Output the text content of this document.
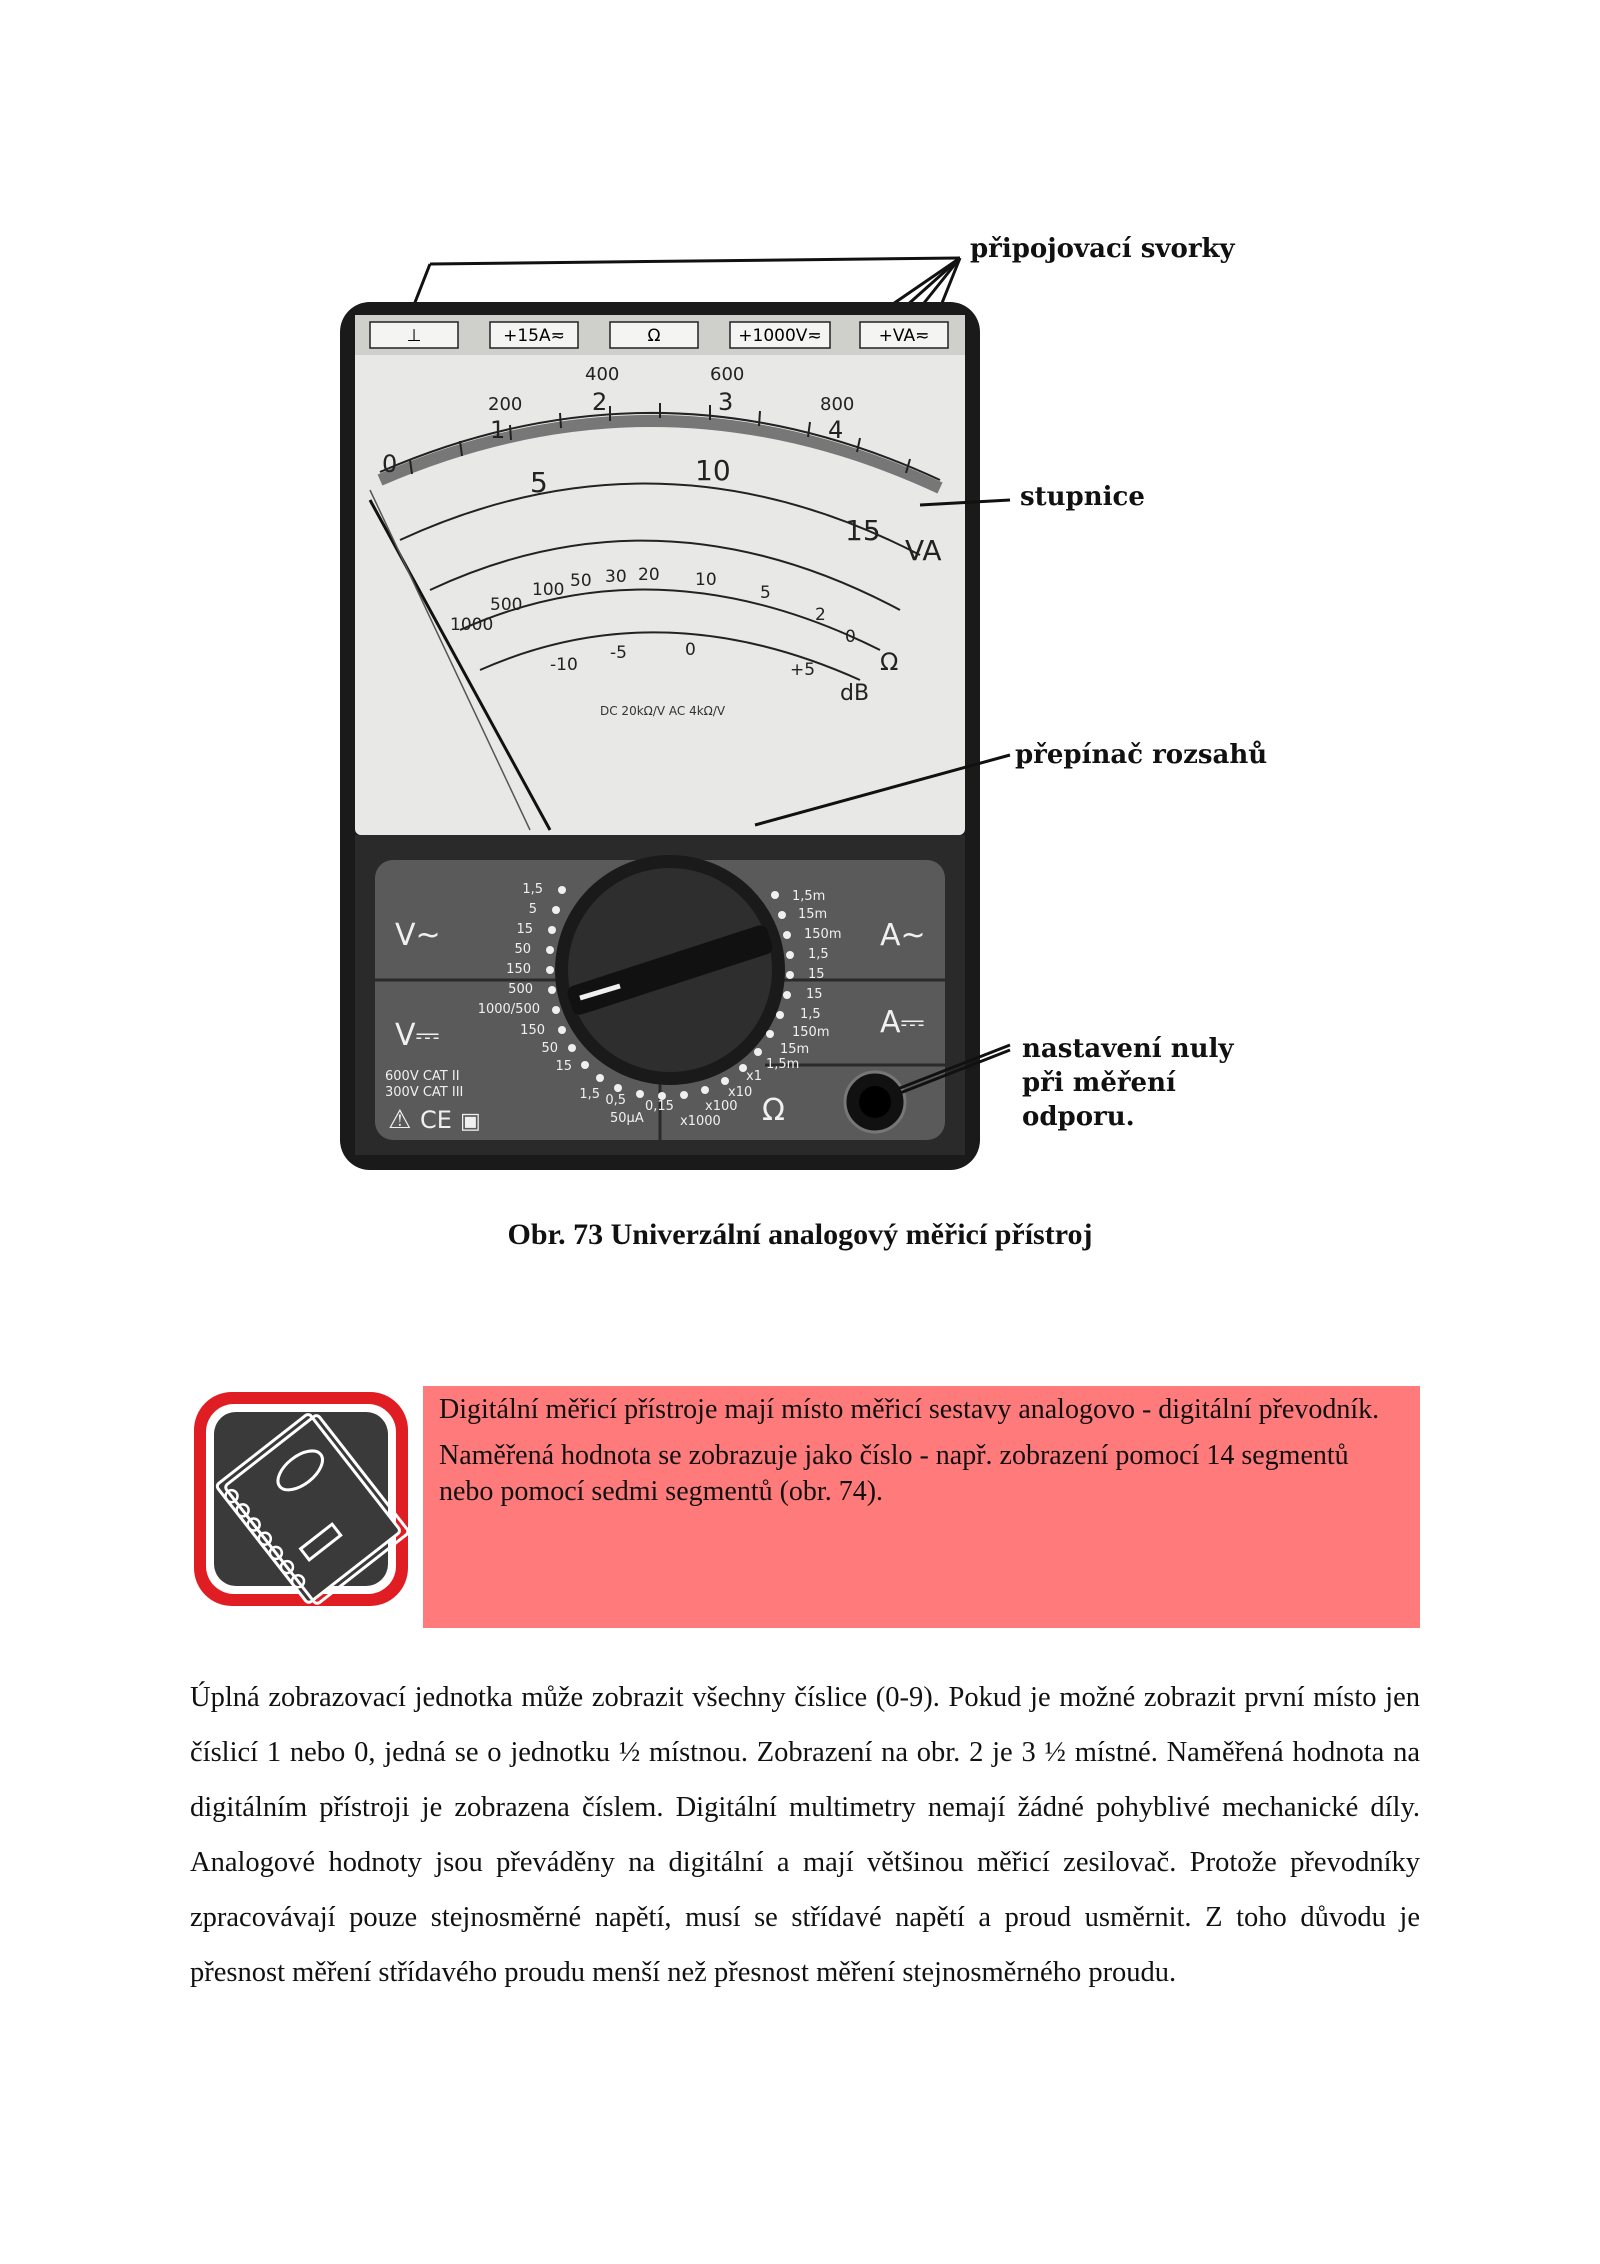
⊥	+15A≂	Ω	+1000V≂	+VA≂
200
400	600
800
1
2	3
4
0
5	10
15
VA
1000
500
100 50 30 20 10
5
2
0
Ω
-10
-5	0
+5
dB
DC 20kΩ/V AC 4kΩ/V
V~
V⎓
A~
A⎓
Ω
1,5
5
15
50
150
500
1000/500
150
50
15
1,5 0,5
1,5m
15m
150m
1,5
15
15
1,5
150m
15m
1,5m
50μA
0,15
x1000
x100
x10
x1
600V CAT II
300V CAT III
⚠ CE ▣
připojovací svorky
stupnice
přepínač rozsahů
nastavení nuly
při měření
odporu.
Obr. 73 Univerzální analogový měřicí přístroj

Digitální měřicí přístroje mají místo měřicí sestavy analogovo - digitální převodník.

Naměřená hodnota se zobrazuje jako číslo - např. zobrazení pomocí 14 segmentů nebo pomocí sedmi segmentů (obr. 74).

Úplná zobrazovací jednotka může zobrazit všechny číslice (0-9). Pokud je možné zobrazit první místo jen číslicí 1 nebo 0, jedná se o jednotku ½ místnou. Zobrazení na obr. 2 je 3 ½ místné. Naměřená hodnota na digitálním přístroji je zobrazena číslem. Digitální multimetry nemají žádné pohyblivé mechanické díly. Analogové hodnoty jsou převáděny na digitální a mají většinou měřicí zesilovač. Protože převodníky zpracovávají pouze stejnosměrné napětí, musí se střídavé napětí a proud usměrnit. Z toho důvodu je přesnost měření střídavého proudu menší než přesnost měření stejnosměrného proudu.
